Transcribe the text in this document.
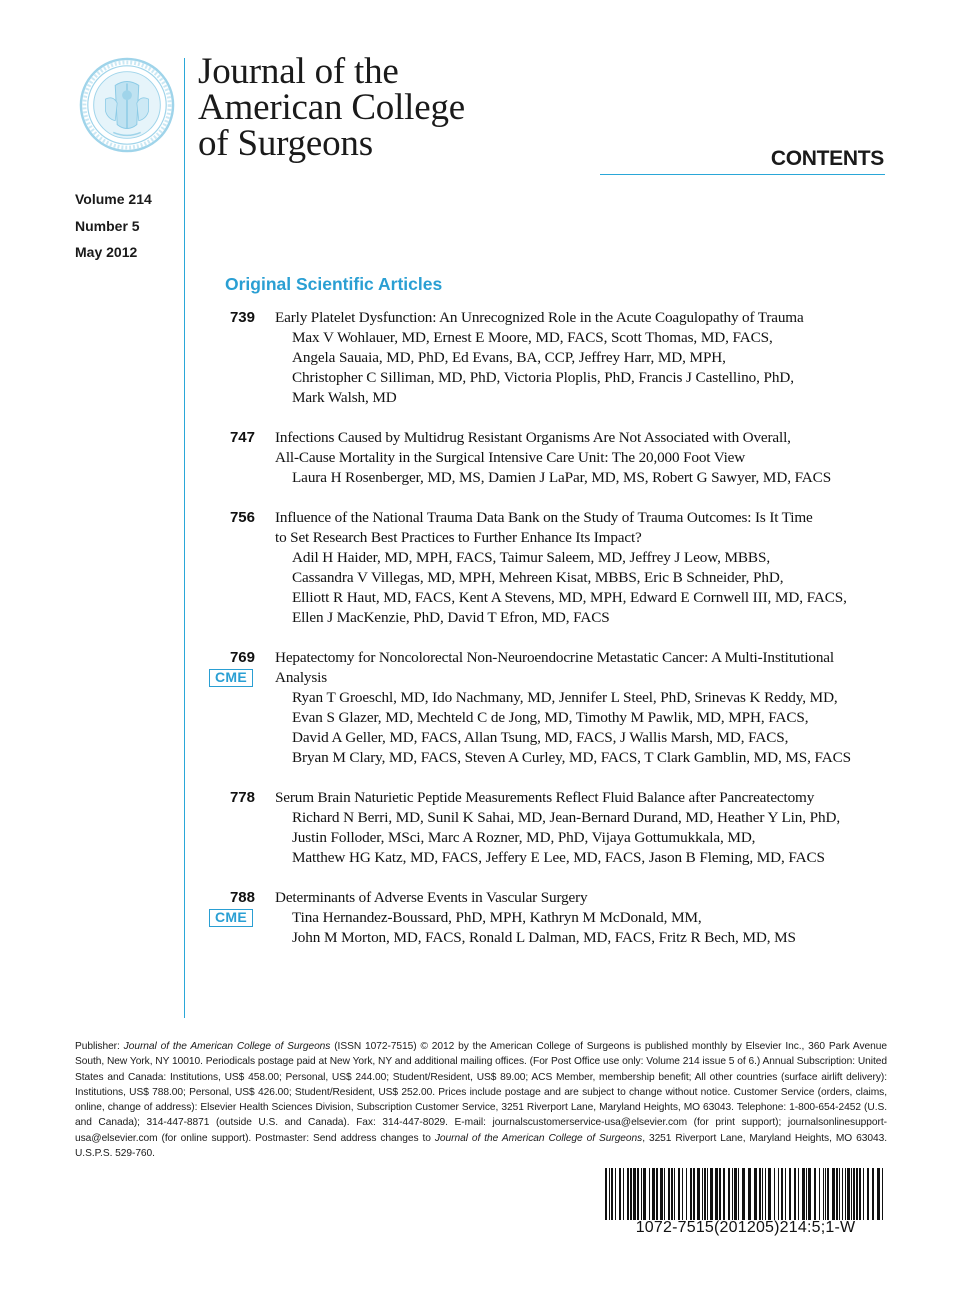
Journal of the
American College
of Surgeons	CONTENTS
Volume 214
Number 5
May 2012
Original Scientific Articles
739 Early Platelet Dysfunction: An Unrecognized Role in the Acute Coagulopathy of Trauma
Max V Wohlauer, MD, Ernest E Moore, MD, FACS, Scott Thomas, MD, FACS,
Angela Sauaia, MD, PhD, Ed Evans, BA, CCP, Jeffrey Harr, MD, MPH,
Christopher C Silliman, MD, PhD, Victoria Ploplis, PhD, Francis J Castellino, PhD,
Mark Walsh, MD
747 Infections Caused by Multidrug Resistant Organisms Are Not Associated with Overall,
All-Cause Mortality in the Surgical Intensive Care Unit: The 20,000 Foot View
Laura H Rosenberger, MD, MS, Damien J LaPar, MD, MS, Robert G Sawyer, MD, FACS
756 Influence of the National Trauma Data Bank on the Study of Trauma Outcomes: Is It Time
to Set Research Best Practices to Further Enhance Its Impact?
Adil H Haider, MD, MPH, FACS, Taimur Saleem, MD, Jeffrey J Leow, MBBS,
Cassandra V Villegas, MD, MPH, Mehreen Kisat, MBBS, Eric B Schneider, PhD,
Elliott R Haut, MD, FACS, Kent A Stevens, MD, MPH, Edward E Cornwell III, MD, FACS,
Ellen J MacKenzie, PhD, David T Efron, MD, FACS
769
CME
Hepatectomy for Noncolorectal Non-Neuroendocrine Metastatic Cancer: A Multi-Institutional
Analysis
Ryan T Groeschl, MD, Ido Nachmany, MD, Jennifer L Steel, PhD, Srinevas K Reddy, MD,
Evan S Glazer, MD, Mechteld C de Jong, MD, Timothy M Pawlik, MD, MPH, FACS,
David A Geller, MD, FACS, Allan Tsung, MD, FACS, J Wallis Marsh, MD, FACS,
Bryan M Clary, MD, FACS, Steven A Curley, MD, FACS, T Clark Gamblin, MD, MS, FACS
778 Serum Brain Naturietic Peptide Measurements Reflect Fluid Balance after Pancreatectomy
Richard N Berri, MD, Sunil K Sahai, MD, Jean-Bernard Durand, MD, Heather Y Lin, PhD,
Justin Folloder, MSci, Marc A Rozner, MD, PhD, Vijaya Gottumukkala, MD,
Matthew HG Katz, MD, FACS, Jeffery E Lee, MD, FACS, Jason B Fleming, MD, FACS
788
CME
Determinants of Adverse Events in Vascular Surgery
Tina Hernandez-Boussard, PhD, MPH, Kathryn M McDonald, MM,
John M Morton, MD, FACS, Ronald L Dalman, MD, FACS, Fritz R Bech, MD, MS
Publisher: Journal of the American College of Surgeons (ISSN 1072-7515) © 2012 by the American College of Surgeons is published monthly by Elsevier Inc., 360 Park Avenue South, New York, NY 10010. Periodicals postage paid at New York, NY and additional mailing offices. (For Post Office use only: Volume 214 issue 5 of 6.) Annual Subscription: United States and Canada: Institutions, US$ 458.00; Personal, US$ 244.00; Student/Resident, US$ 89.00; ACS Member, membership benefit; All other countries (surface airlift delivery): Institutions, US$ 788.00; Personal, US$ 426.00; Student/Resident, US$ 252.00. Prices include postage and are subject to change without notice. Customer Service (orders, claims, online, change of address): Elsevier Health Sciences Division, Subscription Customer Service, 3251 Riverport Lane, Maryland Heights, MO 63043. Telephone: 1-800-654-2452 (U.S. and Canada); 314-447-8871 (outside U.S. and Canada). Fax: 314-447-8029. E-mail: journalscustomerservice-usa@elsevier.com (for print support); journalsonlinesupport-usa@elsevier.com (for online support). Postmaster: Send address changes to Journal of the American College of Surgeons, 3251 Riverport Lane, Maryland Heights, MO 63043. U.S.P.S. 529-760.
1072-7515(201205)214:5;1-W
